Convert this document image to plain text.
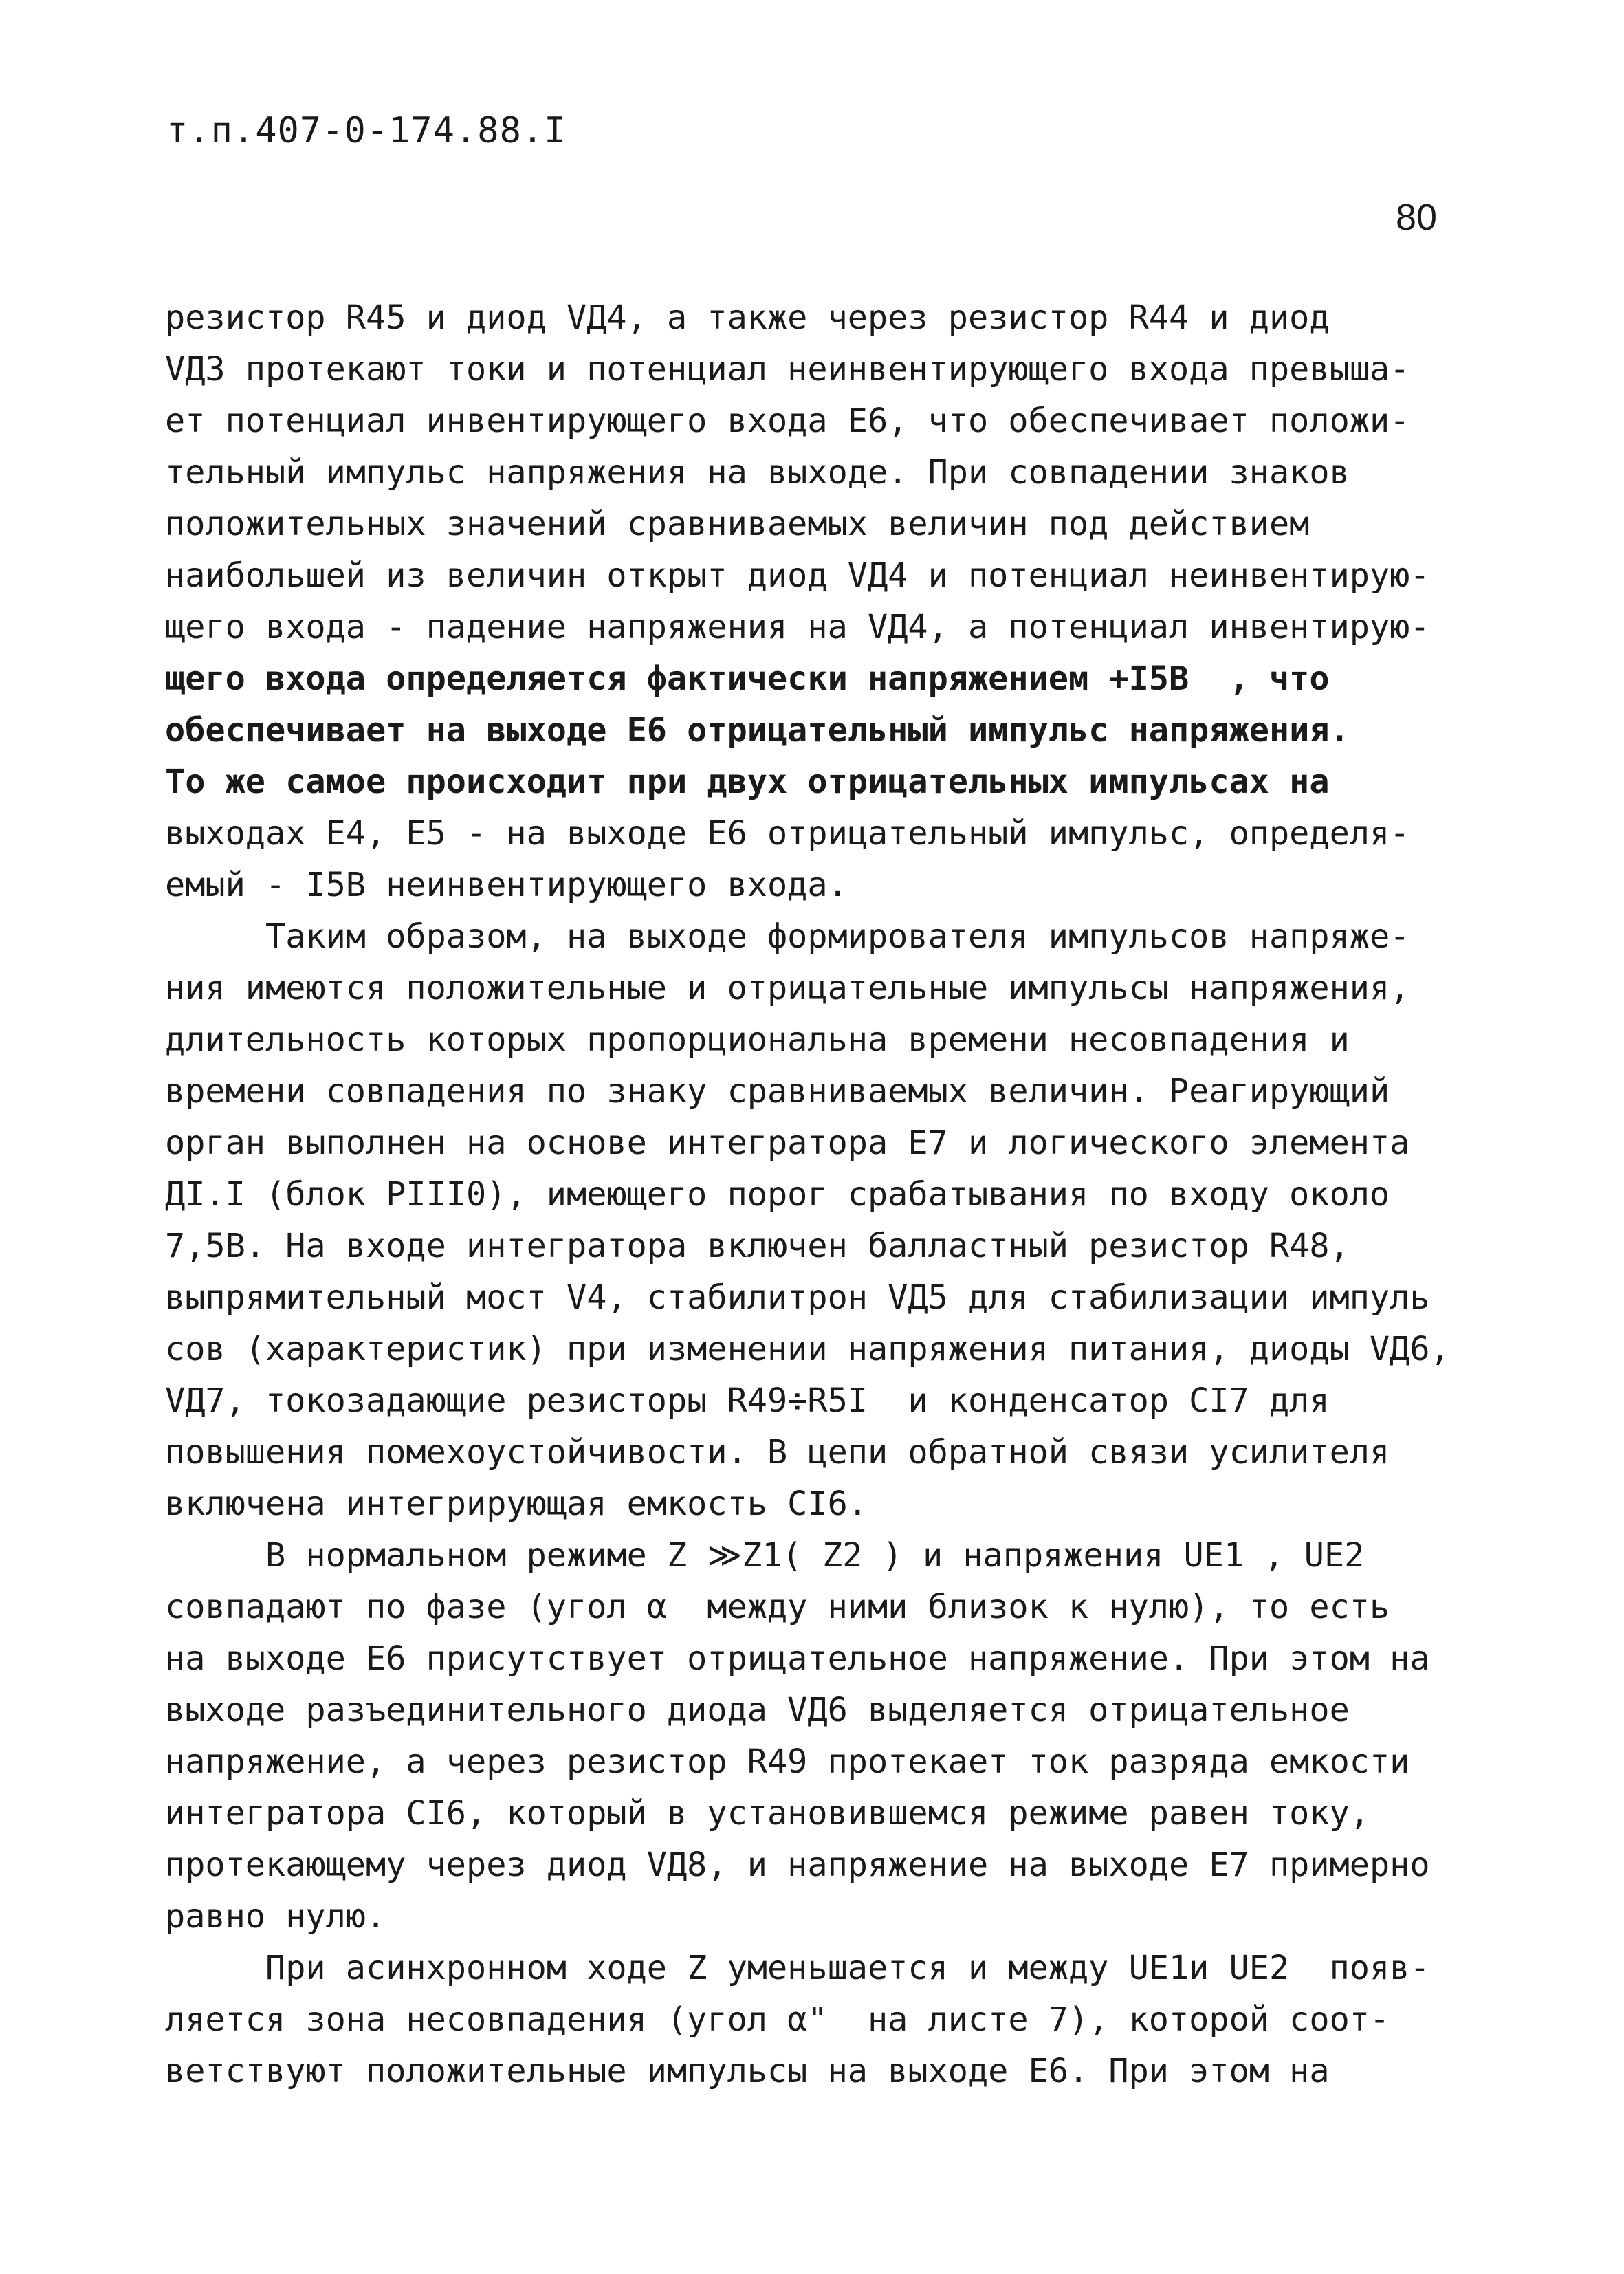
т.п.407-0-174.88.I
80
резистор R45 и диод VД4, а также через резистор R44 и диод
VД3 протекают токи и потенциал неинвентирующего входа превыша-
ет потенциал инвентирующего входа Е6, что обеспечивает положи-
тельный импульс напряжения на выходе. При совпадении знаков
положительных значений сравниваемых величин под действием
наибольшей из величин открыт диод VД4 и потенциал неинвентирую-
щего входа - падение напряжения на VД4, а потенциал инвентирую-
щего входа определяется фактически напряжением +I5В  , что
обеспечивает на выходе Е6 отрицательный импульс напряжения.
То же самое происходит при двух отрицательных импульсах на
выходах Е4, Е5 - на выходе Е6 отрицательный импульс, определя-
емый - I5В неинвентирующего входа.
Таким образом, на выходе формирователя импульсов напряже-
ния имеются положительные и отрицательные импульсы напряжения,
длительность которых пропорциональна времени несовпадения и
времени совпадения по знаку сравниваемых величин. Реагирующий
орган выполнен на основе интегратора Е7 и логического элемента
ДI.I (блок РIII0), имеющего порог срабатывания по входу около
7,5В. На входе интегратора включен балластный резистор R48,
выпрямительный мост V4, стабилитрон VД5 для стабилизации импуль
сов (характеристик) при изменении напряжения питания, диоды VД6,
VД7, токозадающие резисторы R49÷R5I  и конденсатор CI7 для
повышения помехоустойчивости. В цепи обратной связи усилителя
включена интегрирующая емкость CI6.
В нормальном режиме Z ≫Z1( Z2 ) и напряжения UE1 , UE2
совпадают по фазе (угол α  между ними близок к нулю), то есть
на выходе Е6 присутствует отрицательное напряжение. При этом на
выходе разъединительного диода VД6 выделяется отрицательное
напряжение, а через резистор R49 протекает ток разряда емкости
интегратора CI6, который в установившемся режиме равен току,
протекающему через диод VД8, и напряжение на выходе Е7 примерно
равно нулю.
При асинхронном ходе Z уменьшается и между UE1и UE2  появ-
ляется зона несовпадения (угол α"  на листе 7), которой соот-
ветствуют положительные импульсы на выходе Е6. При этом на
